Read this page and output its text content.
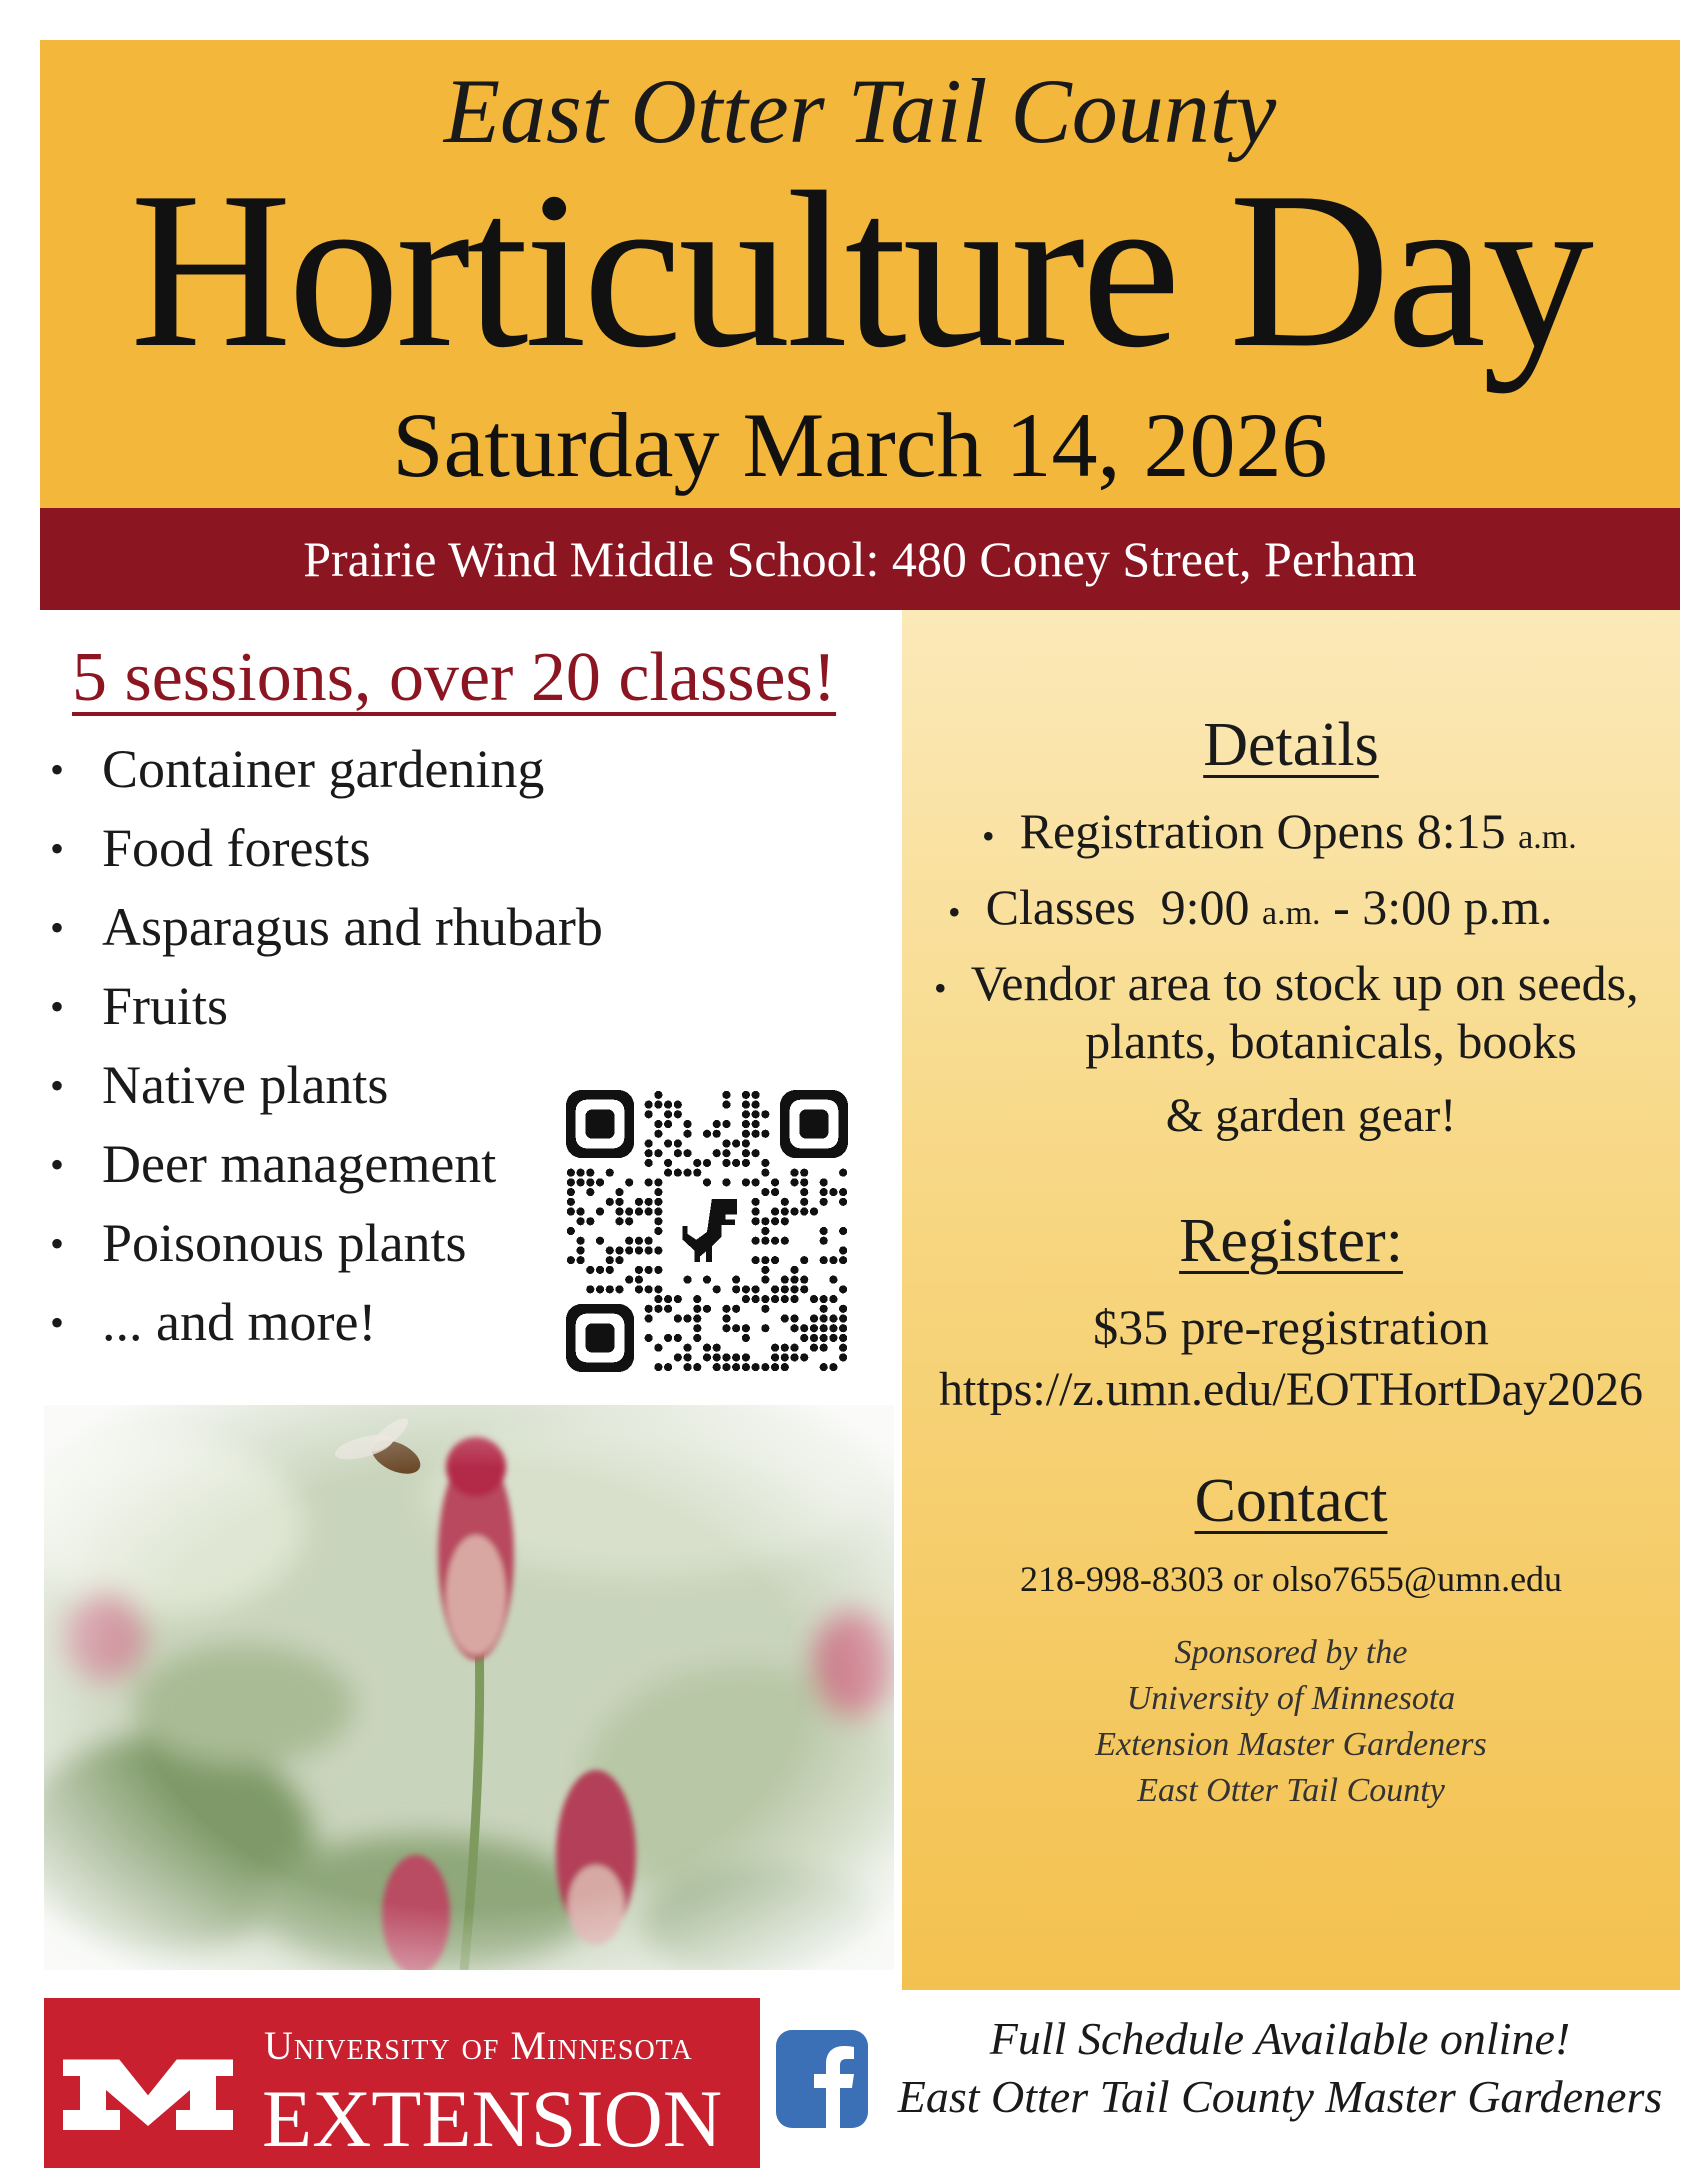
East Otter Tail County
Horticulture Day
Saturday March 14, 2026
Prairie Wind Middle School: 480 Coney Street, Perham
5 sessions, over 20 classes!
• Container gardening
• Food forests
• Asparagus and rhubarb
• Fruits
• Native plants
• Deer management
• Poisonous plants
• ... and more!
Details
• Registration Opens 8:15 a.m.
• Classes  9:00 a.m. - 3:00 p.m.
• Vendor area to stock up on seeds,
plants, botanicals, books
& garden gear!
Register:
$35 pre-registration
https://z.umn.edu/EOTHortDay2026
Contact
218-998-8303 or olso7655@umn.edu
Sponsored by the
University of Minnesota
Extension Master Gardeners
East Otter Tail County
University of Minnesota
EXTENSION
Full Schedule Available online!
East Otter Tail County Master Gardeners
